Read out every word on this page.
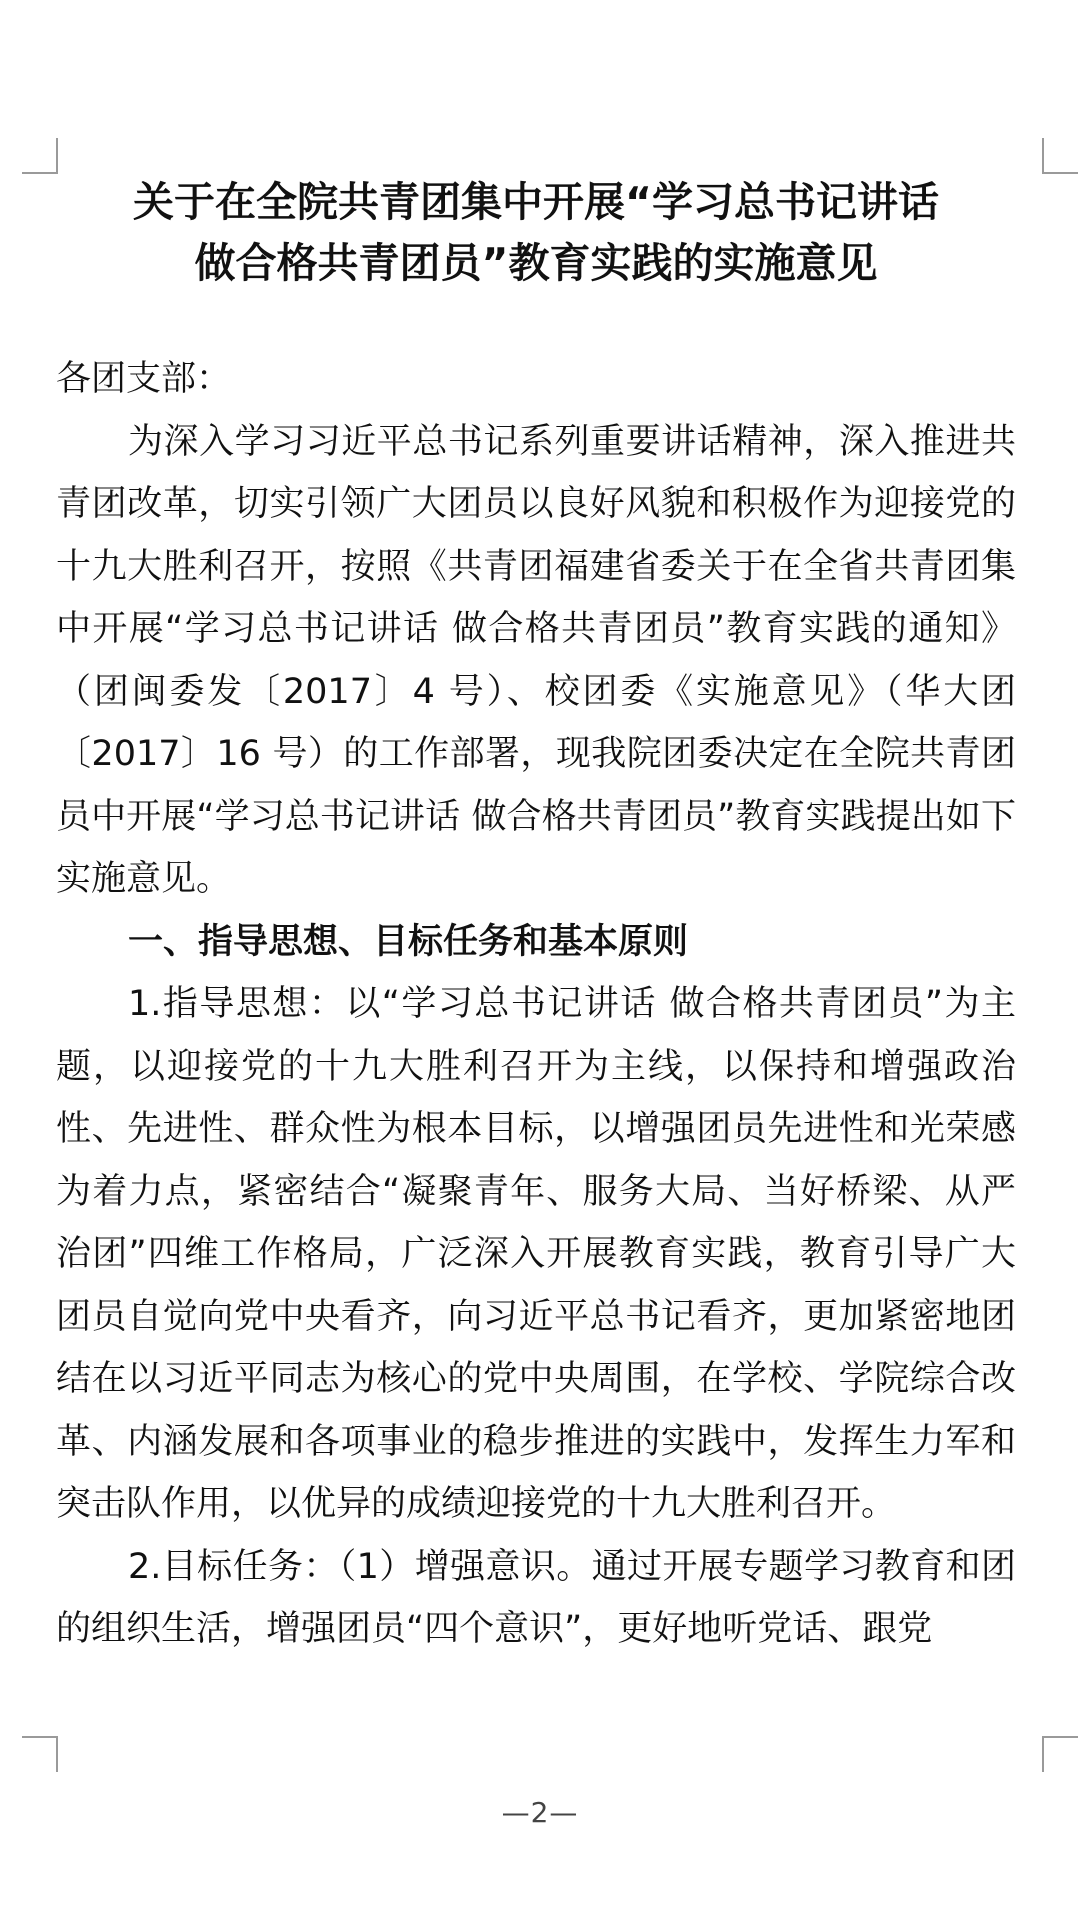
关于在全院共青团集中开展“学习总书记讲话
做合格共青团员”教育实践的实施意见

各团支部：

为深入学习习近平总书记系列重要讲话精神，深入推进共青团改革，切实引领广大团员以良好风貌和积极作为迎接党的十九大胜利召开，按照《共青团福建省委关于在全省共青团集中开展“学习总书记讲话 做合格共青团员”教育实践的通知》（团闽委发〔2017〕4 号）、校团委《实施意见》（华大团〔2017〕16 号）的工作部署，现我院团委决定在全院共青团员中开展“学习总书记讲话 做合格共青团员”教育实践提出如下实施意见。

一、指导思想、目标任务和基本原则

1.指导思想：以“学习总书记讲话 做合格共青团员”为主题，以迎接党的十九大胜利召开为主线，以保持和增强政治性、先进性、群众性为根本目标，以增强团员先进性和光荣感为着力点，紧密结合“凝聚青年、服务大局、当好桥梁、从严治团”四维工作格局，广泛深入开展教育实践，教育引导广大团员自觉向党中央看齐，向习近平总书记看齐，更加紧密地团结在以习近平同志为核心的党中央周围，在学校、学院综合改革、内涵发展和各项事业的稳步推进的实践中，发挥生力军和突击队作用，以优异的成绩迎接党的十九大胜利召开。

2.目标任务：（1）增强意识。通过开展专题学习教育和团的组织生活，增强团员“四个意识”，更好地听党话、跟党

—2—
